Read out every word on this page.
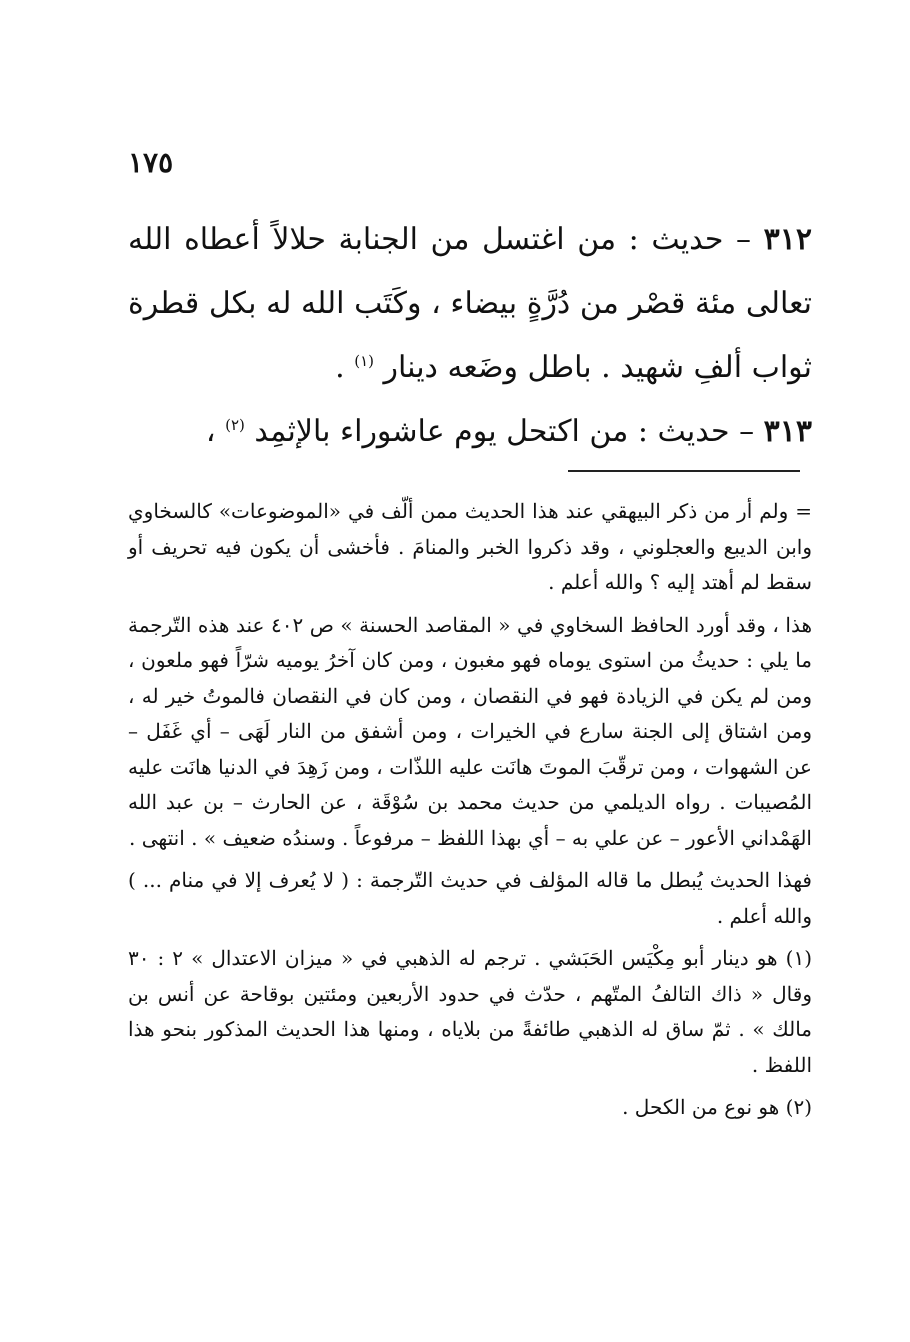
١٧٥

٣١٢ – حديث : من اغتسل من الجنابة حلالاً أعطاه الله تعالى مئة قصْر من دُرَّةٍ بيضاء ، وكَتَب الله له بكل قطرة ثواب ألفِ شهيد . باطل وضَعه دينار $^{(١)}$ .

٣١٣ – حديث : من اكتحل يوم عاشوراء بالإثمِد $^{(٢)}$ ،

= ولم أر من ذكر البيهقي عند هذا الحديث ممن ألّف في «الموضوعات» كالسخاوي وابن الديبع والعجلوني ، وقد ذكروا الخبر والمنامَ . فأخشى أن يكون فيه تحريف أو سقط لم أهتد إليه ؟ والله أعلم .

هذا ، وقد أورد الحافظ السخاوي في « المقاصد الحسنة » ص ٤٠٢ عند هذه التّرجمة ما يلي : حديثُ من استوى يوماه فهو مغبون ، ومن كان آخرُ يوميه شرّاً فهو ملعون ، ومن لم يكن في الزيادة فهو في النقصان ، ومن كان في النقصان فالموتُ خير له ، ومن اشتاق إلى الجنة سارع في الخيرات ، ومن أشفق من النار لَهَى – أي غَفَل – عن الشهوات ، ومن ترقّبَ الموتَ هانَت عليه اللذّات ، ومن زَهِدَ في الدنيا هانَت عليه المُصيبات . رواه الديلمي من حديث محمد بن سُوْقَة ، عن الحارث – بن عبد الله الهَمْداني الأعور – عن علي به – أي بهذا اللفظ – مرفوعاً . وسندُه ضعيف » . انتهى .

فهذا الحديث يُبطل ما قاله المؤلف في حديث التّرجمة : ( لا يُعرف إلا في منام ... ) والله أعلم .

(١) هو دينار أبو مِكْيَس الحَبَشي . ترجم له الذهبي في « ميزان الاعتدال » ٢ : ٣٠ وقال « ذاك التالفُ المتّهم ، حدّث في حدود الأربعين ومئتين بوقاحة عن أنس بن مالك » . ثمّ ساق له الذهبي طائفةً من بلاياه ، ومنها هذا الحديث المذكور بنحو هذا اللفظ .

(٢) هو نوع من الكحل .
